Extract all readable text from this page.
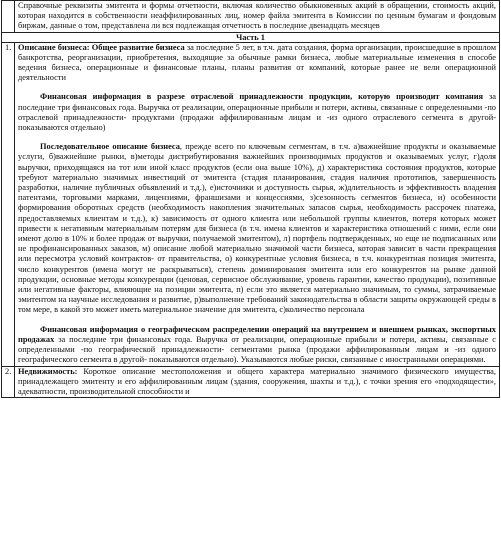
	Справочные реквизиты эмитента и формы отчетности, включая количество обыкновенных акций в обращении, стоимость акций, которая находится в собственности неаффилированных лиц, номер файла эмитента в Комиссии по ценным бумагам и фондовым биржам, данные о том, представлена ли вся подлежащая отчетность в последние двенадцать месяцев

Часть 1	
1.	Описание бизнеса: Общее развитие бизнеса за последние 5 лет, в т.ч. дата создания, форма организации, происшедшие в прошлом банкротства, реорганизации, приобретения, выходящие за обычные рамки бизнеса, любые материальные изменения в способе ведения бизнеса, операционные и финансовые планы, планы развития от компаний, которые ранее не вели операционной деятельности

Финансовая информация в разрезе отраслевой принадлежности продукции, которую производит компания за последние три финансовых года. Выручка от реализации, операционные прибыли и потери, активы, связанные с определенными -по отраслевой принадлежности- продуктами (продажи аффилированным лицам и -из одного отраслевого сегмента в другой- показываются отдельно)

Последовательное описание бизнеса, прежде всего по ключевым сегментам, в т.ч. а)важнейшие продукты и оказываемые услуги, б)важнейшие рынки, в)методы дистрибутирования важнейших производимых продуктов и оказываемых услуг, г)доля выручки, приходящаяся на тот или иной класс продуктов (если она выше 10%), д) характеристика состояния продуктов, которые требуют материально значимых инвестиций от эмитента (стадия планирования, стадия наличия прототипов, завершенность разработки, наличие публичных объявлений и т.д.), е)источники и доступность сырья, ж)длительность и эффективность владения патентами, торговыми марками, лицензиями, франшизами и концессиями, з)сезонность сегментов бизнеса, и) особенности формирования оборотных средств (необходимость накопления значительных запасов сырья, необходимость рассрочек платежа, предоставляемых клиентам и т.д.), к) зависимость от одного клиента или небольшой группы клиентов, потеря которых может привести к негативным материальным потерям для бизнеса (в т.ч. имена клиентов и характеристика отношений с ними, если они имеют долю в 10% и более продаж от выручки, получаемой эмитентом), л) портфель подтвержденных, но еще не подписанных или не профинансированных заказов, м) описание любой материально значимой части бизнеса, которая зависит в части прекращения или пересмотра условий контрактов- от правительства, о) конкурентные условия бизнеса, в т.ч. конкурентная позиция эмитента, число конкурентов (имена могут не раскрываться), степень доминирования эмитента или его конкурентов на рынке данной продукции, основные методы конкуренции (ценовая, сервисное обслуживание, уровень гарантии, качество продукции), позитивные или негативные факторы, влияющие на позиции эмитента, п) если это является материально значимым, то суммы, затрачиваемые эмитентом на научные исследования и развитие, р)выполнение требований законодательства в области защиты окружающей среды в том мере, в какой это может иметь материальное значение для эмитента, с)количество персонала

Финансовая информация о географическом распределении операций на внутреннем и внешнем рынках, экспортных продажах за последние три финансовых года. Выручка от реализации, операционные прибыли и потери, активы, связанные с определенными -по географической принадлежности- сегментами рынка (продажи аффилированным лицам и -из одного географического сегмента в другой- показываются отдельно). Указываются любые риски, связанные с иностранными операциями.

2.	Недвижимость: Короткое описание местоположения и общего характера материально значимого физического имущества, принадлежащего эмитенту и его аффилированным лицам (здания, сооружения, шахты и т.д.), с точки зрения его «подходящести», адекватности, производительной способности и
